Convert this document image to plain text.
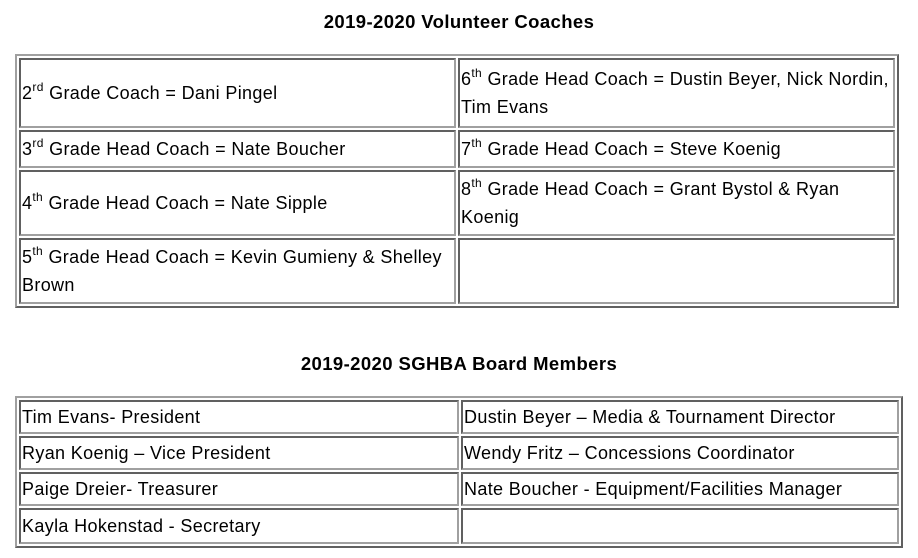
2019-2020 Volunteer Coaches
2rd Grade Coach = Dani Pingel	6th Grade Head Coach = Dustin Beyer, Nick Nordin, Tim Evans
3rd Grade Head Coach = Nate Boucher	7th Grade Head Coach = Steve Koenig
4th Grade Head Coach = Nate Sipple	8th Grade Head Coach = Grant Bystol & Ryan Koenig
5th Grade Head Coach = Kevin Gumieny & Shelley Brown	
2019-2020 SGHBA Board Members
Tim Evans- President	Dustin Beyer – Media & Tournament Director
Ryan Koenig – Vice President	Wendy Fritz – Concessions Coordinator
Paige Dreier- Treasurer	Nate Boucher - Equipment/Facilities Manager
Kayla Hokenstad - Secretary	
